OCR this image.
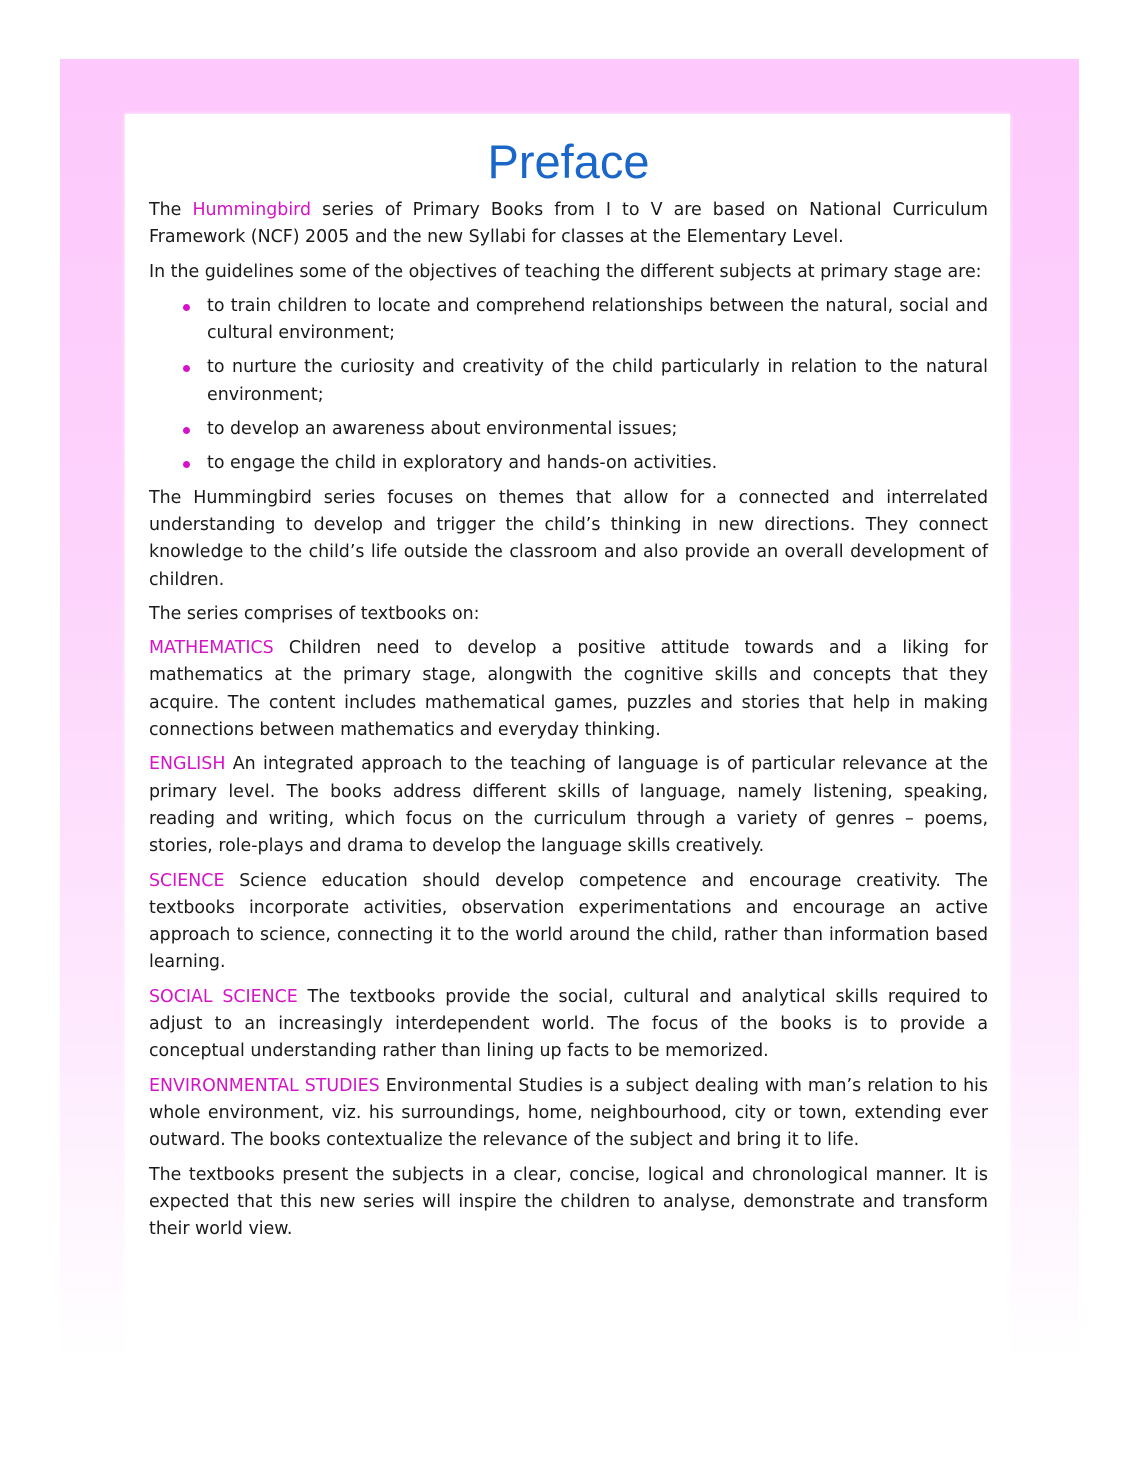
Preface

The Hummingbird series of Primary Books from I to V are based on National Curriculum Framework (NCF) 2005 and the new Syllabi for classes at the Elementary Level.

In the guidelines some of the objectives of teaching the different subjects at primary stage are:

to train children to locate and comprehend relationships between the natural, social and cultural environment;
to nurture the curiosity and creativity of the child particularly in relation to the natural environment;
to develop an awareness about environmental issues;
to engage the child in exploratory and hands-on activities.

The Hummingbird series focuses on themes that allow for a connected and interrelated understanding to develop and trigger the child’s thinking in new directions. They connect knowledge to the child’s life outside the classroom and also provide an overall development of children.

The series comprises of textbooks on:

MATHEMATICS Children need to develop a positive attitude towards and a liking for mathematics at the primary stage, alongwith the cognitive skills and concepts that they acquire. The content includes mathematical games, puzzles and stories that help in making connections between mathematics and everyday thinking.

ENGLISH An integrated approach to the teaching of language is of particular relevance at the primary level. The books address different skills of language, namely listening, speaking, reading and writing, which focus on the curriculum through a variety of genres – poems, stories, role-plays and drama to develop the language skills creatively.

SCIENCE Science education should develop competence and encourage creativity. The textbooks incorporate activities, observation experimentations and encourage an active approach to science, connecting it to the world around the child, rather than information based learning.

SOCIAL SCIENCE The textbooks provide the social, cultural and analytical skills required to adjust to an increasingly interdependent world. The focus of the books is to provide a conceptual understanding rather than lining up facts to be memorized.

ENVIRONMENTAL STUDIES Environmental Studies is a subject dealing with man’s relation to his whole environment, viz. his surroundings, home, neighbourhood, city or town, extending ever outward. The books contextualize the relevance of the subject and bring it to life.

The textbooks present the subjects in a clear, concise, logical and chronological manner. It is expected that this new series will inspire the children to analyse, demonstrate and transform their world view.
